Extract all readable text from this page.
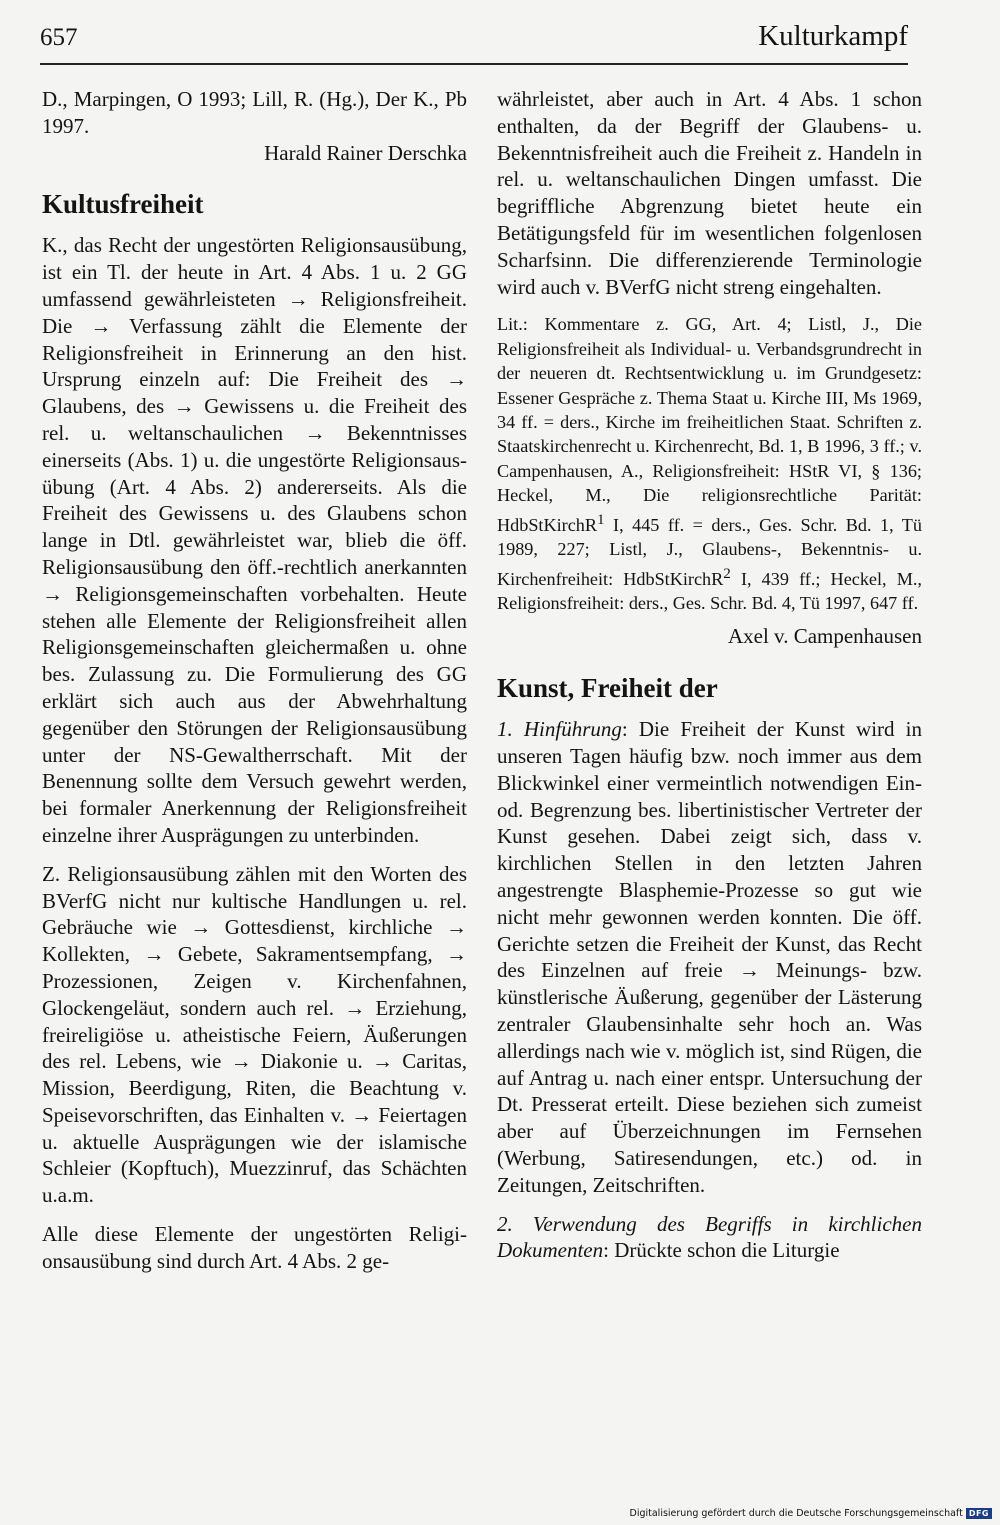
657	Kulturkampf

D., Marpingen, O 1993; Lill, R. (Hg.), Der K., Pb 1997.

Harald Rainer Derschka

Kultusfreiheit

K., das Recht der ungestörten Religionsausübung, ist ein Tl. der heute in Art. 4 Abs. 1 u. 2 GG umfassend gewährleisteten → Religionsfreiheit. Die → Verfassung zählt die Elemente der Religionsfreiheit in Erinnerung an den hist. Ursprung einzeln auf: Die Freiheit des → Glaubens, des → Gewissens u. die Freiheit des rel. u. weltanschaulichen → Bekenntnisses einerseits (Abs. 1) u. die ungestörte Religionsausübung (Art. 4 Abs. 2) andererseits. Als die Freiheit des Gewissens u. des Glaubens schon lange in Dtl. gewährleistet war, blieb die öff. Religionsausübung den öff.-rechtlich anerkannten → Religionsgemeinschaften vorbehalten. Heute stehen alle Elemente der Religionsfreiheit allen Religionsgemeinschaften gleichermaßen u. ohne bes. Zulassung zu. Die Formulierung des GG erklärt sich auch aus der Abwehrhaltung gegenüber den Störungen der Religionsausübung unter der NS-Gewaltherrschaft. Mit der Benennung sollte dem Versuch gewehrt werden, bei formaler Anerkennung der Religionsfreiheit einzelne ihrer Ausprägungen zu unterbinden.

Z. Religionsausübung zählen mit den Worten des BVerfG nicht nur kultische Handlungen u. rel. Gebräuche wie → Gottesdienst, kirchliche → Kollekten, → Gebete, Sakramentsempfang, → Prozessionen, Zeigen v. Kirchenfahnen, Glockengeläut, sondern auch rel. → Erziehung, freireligiöse u. atheistische Feiern, Äußerungen des rel. Lebens, wie → Diakonie u. → Caritas, Mission, Beerdigung, Riten, die Beachtung v. Speisevorschriften, das Einhalten v. → Feiertagen u. aktuelle Ausprägungen wie der islamische Schleier (Kopftuch), Muezzinruf, das Schächten u.a.m.

Alle diese Elemente der ungestörten Religionsausübung sind durch Art. 4 Abs. 2 ge-

währleistet, aber auch in Art. 4 Abs. 1 schon enthalten, da der Begriff der Glaubens- u. Bekenntnisfreiheit auch die Freiheit z. Handeln in rel. u. weltanschaulichen Dingen umfasst. Die begriffliche Abgrenzung bietet heute ein Betätigungsfeld für im wesentlichen folgenlosen Scharfsinn. Die differenzierende Terminologie wird auch v. BVerfG nicht streng eingehalten.

Lit.: Kommentare z. GG, Art. 4; Listl, J., Die Religionsfreiheit als Individual- u. Verbandsgrundrecht in der neueren dt. Rechtsentwicklung u. im Grundgesetz: Essener Gespräche z. Thema Staat u. Kirche III, Ms 1969, 34 ff. = ders., Kirche im freiheitlichen Staat. Schriften z. Staatskirchenrecht u. Kirchenrecht, Bd. 1, B 1996, 3 ff.; v. Campenhausen, A., Religionsfreiheit: HStR VI, § 136; Heckel, M., Die religionsrechtliche Parität: HdbStKirchR$^1$ I, 445 ff. = ders., Ges. Schr. Bd. 1, Tü 1989, 227; Listl, J., Glaubens-, Bekenntnis- u. Kirchenfreiheit: HdbStKirchR$^2$ I, 439 ff.; Heckel, M., Religionsfreiheit: ders., Ges. Schr. Bd. 4, Tü 1997, 647 ff.

Axel v. Campenhausen

Kunst, Freiheit der

1. Hinführung: Die Freiheit der Kunst wird in unseren Tagen häufig bzw. noch immer aus dem Blickwinkel einer vermeintlich notwendigen Ein- od. Begrenzung bes. libertinistischer Vertreter der Kunst gesehen. Dabei zeigt sich, dass v. kirchlichen Stellen in den letzten Jahren angestrengte Blasphemie-Prozesse so gut wie nicht mehr gewonnen werden konnten. Die öff. Gerichte setzen die Freiheit der Kunst, das Recht des Einzelnen auf freie → Meinungs- bzw. künstlerische Äußerung, gegenüber der Lästerung zentraler Glaubensinhalte sehr hoch an. Was allerdings nach wie v. möglich ist, sind Rügen, die auf Antrag u. nach einer entspr. Untersuchung der Dt. Presserat erteilt. Diese beziehen sich zumeist aber auf Überzeichnungen im Fernsehen (Werbung, Satiresendungen, etc.) od. in Zeitungen, Zeitschriften.

2. Verwendung des Begriffs in kirchlichen Dokumenten: Drückte schon die Liturgie

Digitalisierung gefördert durch die Deutsche Forschungsgemeinschaft DFG
